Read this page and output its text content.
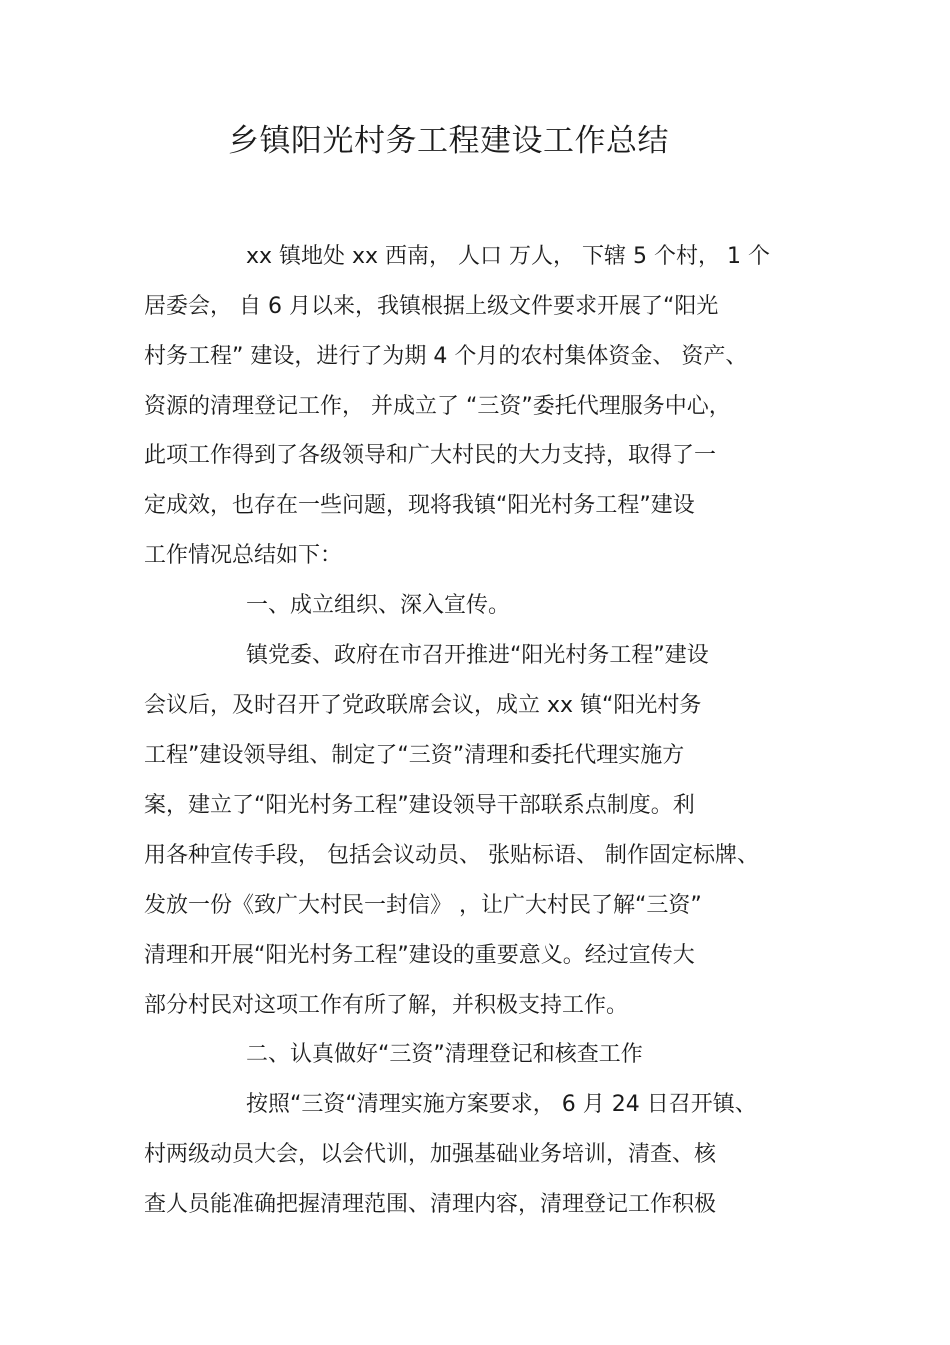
乡镇阳光村务工程建设工作总结
xx 镇地处 xx 西南， 人口 万人， 下辖 5 个村， 1 个
居委会， 自 6 月以来，我镇根据上级文件要求开展了“阳光
村务工程” 建设，进行了为期 4 个月的农村集体资金、 资产、
资源的清理登记工作， 并成立了 “三资”委托代理服务中心，
此项工作得到了各级领导和广大村民的大力支持，取得了一
定成效，也存在一些问题，现将我镇“阳光村务工程”建设
工作情况总结如下：
一、成立组织、深入宣传。
镇党委、政府在市召开推进“阳光村务工程”建设
会议后，及时召开了党政联席会议，成立 xx 镇“阳光村务
工程”建设领导组、制定了“三资”清理和委托代理实施方
案，建立了“阳光村务工程”建设领导干部联系点制度。利
用各种宣传手段， 包括会议动员、 张贴标语、 制作固定标牌、
发放一份《致广大村民一封信》 ，让广大村民了解“三资”
清理和开展“阳光村务工程”建设的重要意义。经过宣传大
部分村民对这项工作有所了解，并积极支持工作。
二、认真做好“三资”清理登记和核查工作
按照“三资“清理实施方案要求， 6 月 24 日召开镇、
村两级动员大会，以会代训，加强基础业务培训，清查、核
查人员能准确把握清理范围、清理内容，清理登记工作积极
